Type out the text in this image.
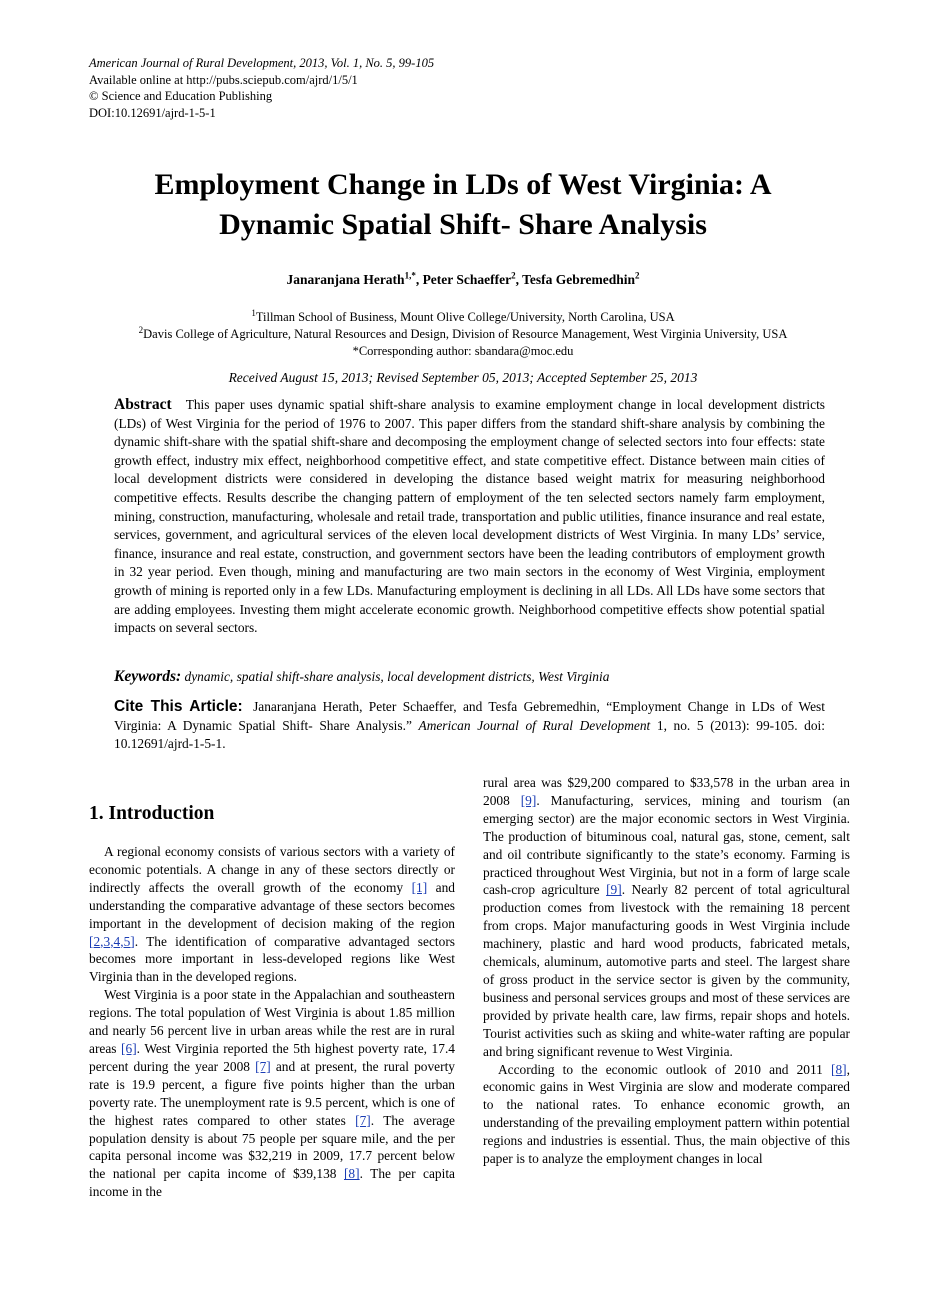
American Journal of Rural Development, 2013, Vol. 1, No. 5, 99-105
Available online at http://pubs.sciepub.com/ajrd/1/5/1
© Science and Education Publishing
DOI:10.12691/ajrd-1-5-1
Employment Change in LDs of West Virginia: A
Dynamic Spatial Shift- Share Analysis
Janaranjana Herath$^{1,*}$, Peter Schaeffer$^2$, Tesfa Gebremedhin$^2$
$^1$Tillman School of Business, Mount Olive College/University, North Carolina, USA
$^2$Davis College of Agriculture, Natural Resources and Design, Division of Resource Management, West Virginia University, USA
*Corresponding author: sbandara@moc.edu
Received August 15, 2013; Revised September 05, 2013; Accepted September 25, 2013
Abstract This paper uses dynamic spatial shift-share analysis to examine employment change in local development districts (LDs) of West Virginia for the period of 1976 to 2007. This paper differs from the standard shift-share analysis by combining the dynamic shift-share with the spatial shift-share and decomposing the employment change of selected sectors into four effects: state growth effect, industry mix effect, neighborhood competitive effect, and state competitive effect. Distance between main cities of local development districts were considered in developing the distance based weight matrix for measuring neighborhood competitive effects. Results describe the changing pattern of employment of the ten selected sectors namely farm employment, mining, construction, manufacturing, wholesale and retail trade, transportation and public utilities, finance insurance and real estate, services, government, and agricultural services of the eleven local development districts of West Virginia. In many LDs’ service, finance, insurance and real estate, construction, and government sectors have been the leading contributors of employment growth in 32 year period. Even though, mining and manufacturing are two main sectors in the economy of West Virginia, employment growth of mining is reported only in a few LDs. Manufacturing employment is declining in all LDs. All LDs have some sectors that are adding employees. Investing them might accelerate economic growth. Neighborhood competitive effects show potential spatial impacts on several sectors.
Keywords: dynamic, spatial shift-share analysis, local development districts, West Virginia
Cite This Article: Janaranjana Herath, Peter Schaeffer, and Tesfa Gebremedhin, “Employment Change in LDs of West Virginia: A Dynamic Spatial Shift- Share Analysis.” American Journal of Rural Development 1, no. 5 (2013): 99-105. doi: 10.12691/ajrd-1-5-1.
1. Introduction

A regional economy consists of various sectors with a variety of economic potentials. A change in any of these sectors directly or indirectly affects the overall growth of the economy [1] and understanding the comparative advantage of these sectors becomes important in the development of decision making of the region [2,3,4,5]. The identification of comparative advantaged sectors becomes more important in less-developed regions like West Virginia than in the developed regions.

West Virginia is a poor state in the Appalachian and southeastern regions. The total population of West Virginia is about 1.85 million and nearly 56 percent live in urban areas while the rest are in rural areas [6]. West Virginia reported the 5th highest poverty rate, 17.4 percent during the year 2008 [7] and at present, the rural poverty rate is 19.9 percent, a figure five points higher than the urban poverty rate. The unemployment rate is 9.5 percent, which is one of the highest rates compared to other states [7]. The average population density is about 75 people per square mile, and the per capita personal income was $32,219 in 2009, 17.7 percent below the national per capita income of $39,138 [8]. The per capita income in the

rural area was $29,200 compared to $33,578 in the urban area in 2008 [9]. Manufacturing, services, mining and tourism (an emerging sector) are the major economic sectors in West Virginia. The production of bituminous coal, natural gas, stone, cement, salt and oil contribute significantly to the state’s economy. Farming is practiced throughout West Virginia, but not in a form of large scale cash-crop agriculture [9]. Nearly 82 percent of total agricultural production comes from livestock with the remaining 18 percent from crops. Major manufacturing goods in West Virginia include machinery, plastic and hard wood products, fabricated metals, chemicals, aluminum, automotive parts and steel. The largest share of gross product in the service sector is given by the community, business and personal services groups and most of these services are provided by private health care, law firms, repair shops and hotels. Tourist activities such as skiing and white-water rafting are popular and bring significant revenue to West Virginia.

According to the economic outlook of 2010 and 2011 [8], economic gains in West Virginia are slow and moderate compared to the national rates. To enhance economic growth, an understanding of the prevailing employment pattern within potential regions and industries is essential. Thus, the main objective of this paper is to analyze the employment changes in local
